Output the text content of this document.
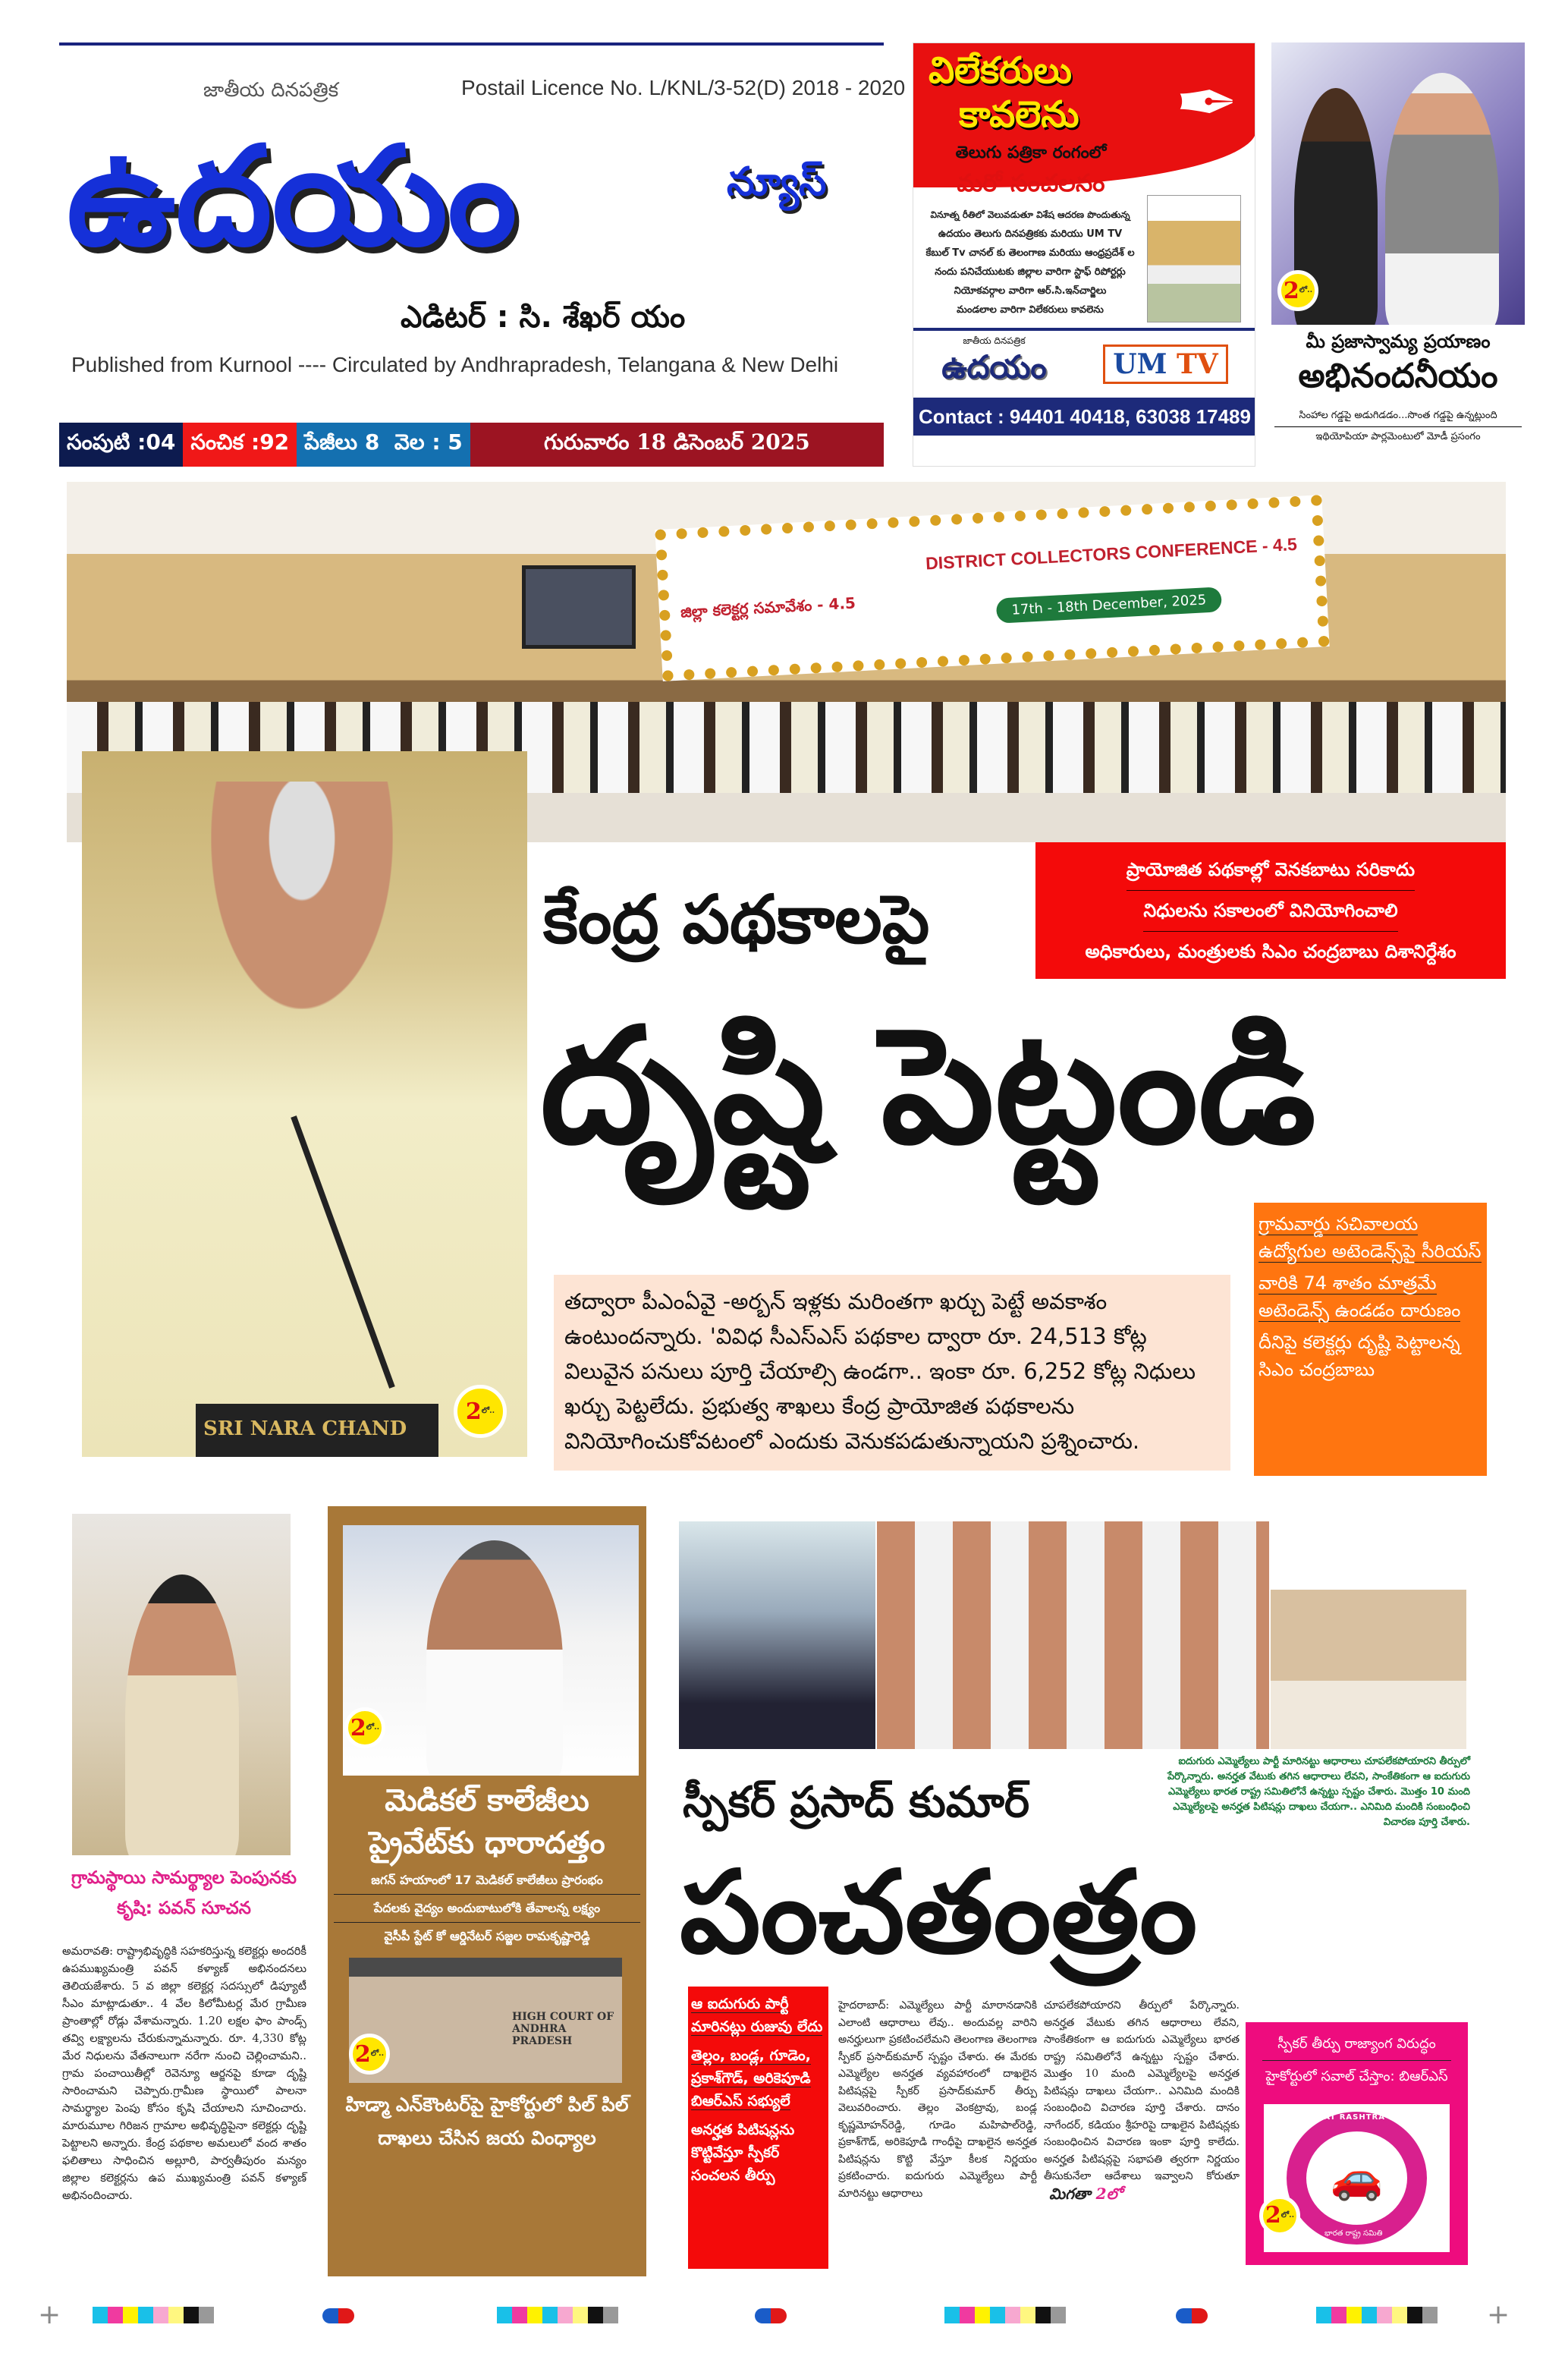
జాతీయ దినపత్రిక	Postail Licence No. L/KNL/3-52(D) 2018 - 2020
ఉదయం	న్యూస్
ఎడిటర్ : సి. శేఖర్ యం
Published from Kurnool ---- Circulated by Andhrapradesh, Telangana & New Delhi
సంపుటి :04 సంచిక :92 పేజీలు 8
వెల : 5	గురువారం 18 డిసెంబర్ 2025
విలేకరులు
కావలెను	✒
తెలుగు పత్రికా రంగంలో
మరో సంచలనం
వినూత్న రీతిలో వెలువడుతూ విశేష ఆదరణ పొందుతున్న
ఉదయం తెలుగు దినపత్రికకు మరియు UM TV
కేబుల్ Tv చానల్ కు తెలంగాణ మరియు ఆంధ్రప్రదేశ్ ల
నందు పనిచేయుటకు జిల్లాల వారిగా స్టాఫ్ రిపోర్టర్లు
నియోకవర్గాల వారిగా ఆర్.సి.ఇన్‌చార్జిలు
మండలాల వారిగా విలేకరులు కావలెను
జాతీయ దినపత్రిక
ఉదయం	UM TV
Contact : 94401 40418, 63038 17489
2 లో..
మీ ప్రజాస్వామ్య ప్రయాణం
అభినందనీయం
సింహాల గడ్డపై అడుగిడడం...సొంత గడ్డపై ఉన్నట్లుంది
ఇథియోపియా పార్లమెంటులో మోడీ ప్రసంగం
జిల్లా కలెక్టర్ల సమావేశం - 4.5
DISTRICT COLLECTORS CONFERENCE - 4.5
17th - 18th December, 2025
SRI NARA CHAND
2 లో..
ప్రాయోజిత పథకాల్లో వెనకబాటు సరికాదు
నిధులను సకాలంలో వినియోగించాలి
అధికారులు, మంత్రులకు సిఎం చంద్రబాబు దిశానిర్దేశం
కేంద్ర పథకాలపై
దృష్టి పెట్టండి
తద్వారా పీఎంఏవై -అర్బన్ ఇళ్లకు మరింతగా ఖర్చు పెట్టే అవకాశం ఉంటుందన్నారు. 'వివిధ సీఎస్ఎస్ పథకాల ద్వారా రూ. 24,513 కోట్ల విలువైన పనులు పూర్తి చేయాల్సి ఉండగా.. ఇంకా రూ. 6,252 కోట్ల నిధులు ఖర్చు పెట్టలేదు. ప్రభుత్వ శాఖలు కేంద్ర ప్రాయోజిత పథకాలను వినియోగించుకోవటంలో ఎందుకు వెనుకపడుతున్నాయని ప్రశ్నించారు.

గ్రామవార్డు సచివాలయ ఉద్యోగుల అటెండెన్స్‌పై సీరియస్

వారికి 74 శాతం మాత్రమే అటెండెన్స్ ఉండడం దారుణం

దీనిపై కలెక్టర్లు దృష్టి పెట్టాలన్న సిఎం చంద్రబాబు

గ్రామస్థాయి సామర్థ్యాల పెంపునకు కృషి: పవన్ సూచన
అమరావతి: రాష్ట్రాభివృద్ధికి సహకరిస్తున్న కలెక్టర్లు అందరికీ ఉపముఖ్యమంత్రి పవన్ కళ్యాణ్ అభినందనలు తెలియజేశారు. 5 వ జిల్లా కలెక్టర్ల సదస్సులో డిప్యూటీ సీఎం మాట్లాడుతూ.. 4 వేల కిలోమీటర్ల మేర గ్రామీణ ప్రాంతాల్లో రోడ్లు వేశామన్నారు. 1.20 లక్షల ఫాం పాండ్స్ తవ్వి లక్ష్యాలను చేరుకున్నామన్నారు. రూ. 4,330 కోట్ల మేర నిధులను వేతనాలుగా నరేగా నుంచి చెల్లించామని.. గ్రామ పంచాయితీల్లో రెవెన్యూ ఆర్జనపై కూడా దృష్టి సారించామని చెప్పారు.గ్రామీణ స్థాయిలో పాలనా సామర్థ్యాల పెంపు కోసం కృషి చేయాలని సూచించారు. మారుమూల గిరిజన గ్రామాల అభివృద్ధిపైనా కలెక్టర్లు దృష్టి పెట్టాలని అన్నారు. కేంద్ర పథకాల అమలులో వంద శాతం ఫలితాలు సాధించిన అల్లూరి, పార్వతీపురం మన్యం జిల్లాల కలెక్టర్లను ఉప ముఖ్యమంత్రి పవన్ కళ్యాణ్ అభినందించారు.
2 లో..
మెడికల్ కాలేజీలు ప్రైవేట్‌కు ధారాదత్తం
జగన్ హయాంలో 17 మెడికల్ కాలేజీలు ప్రారంభం
పేదలకు వైద్యం అందుబాటులోకి తేవాలన్న లక్ష్యం
వైసీపీ స్టేట్ కో ఆర్డినేటర్ సజ్జల రామకృష్ణారెడ్డి
HIGH COURT OF
ANDHRA PRADESH
2 లో..
హిడ్మా ఎన్‌కౌంటర్‌పై హైకోర్టులో పిల్ పిల్ దాఖలు చేసిన జయ వింధ్యాల
ఐదుగురు ఎమ్మెల్యేలు పార్టీ మారినట్టు ఆధారాలు చూపలేకపోయారని తీర్పులో పేర్కొన్నారు. అనర్హత వేటుకు తగిన ఆధారాలు లేవని, సాంకేతికంగా ఆ ఐదుగురు ఎమ్మెల్యేలు భారత రాష్ట్ర సమితిలోనే ఉన్నట్టు స్పష్టం చేశారు. మొత్తం 10 మంది ఎమ్మెల్యేలపై అనర్హత పిటిషన్లు దాఖలు చేయగా.. ఎనిమిది మందికి సంబంధించి విచారణ పూర్తి చేశారు.
స్పీకర్ ప్రసాద్ కుమార్
పంచతంత్రం

ఆ ఐదుగురు పార్టీ మారినట్లు రుజువు లేదు

తెల్లం, బండ్ల, గూడెం, ప్రకాశ్‌గౌడ్, అరికెపూడి బిఆర్ఎస్ సభ్యులే

అనర్హత పిటిషన్లను కొట్టివేస్తూ స్పీకర్ సంచలన తీర్పు

హైదరాబాద్: ఎమ్మెల్యేలు పార్టీ మారానడానికి ఎలాంటి ఆధారాలు లేవు.. అందువల్ల వారిని అనర్హులుగా ప్రకటించలేమని తెలంగాణ తెలంగాణ స్పీకర్ ప్రసాద్‌కుమార్ స్పష్టం చేశారు. ఈ మేరకు ఎమ్మెల్యేల అనర్హత వ్యవహారంలో దాఖలైన పిటిషన్లపై స్పీకర్ ప్రసాద్‌కుమార్ తీర్పు వెలువరించారు. తెల్లం వెంకట్రావు, బండ్ల కృష్ణమోహన్‌రెడ్డి, గూడెం మహిపాల్‌రెడ్డి, ప్రకాశ్‌గౌడ్, అరికెపూడి గాంధీపై దాఖలైన అనర్హత పిటిషన్లను కొట్టి వేస్తూ కీలక నిర్ణయం ప్రకటించారు. ఐదుగురు ఎమ్మెల్యేలు పార్టీ మారినట్టు ఆధారాలు
చూపలేకపోయారని తీర్పులో పేర్కొన్నారు. అనర్హత వేటుకు తగిన ఆధారాలు లేవని, సాంకేతికంగా ఆ ఐదుగురు ఎమ్మెల్యేలు భారత రాష్ట్ర సమితిలోనే ఉన్నట్టు స్పష్టం చేశారు. మొత్తం 10 మంది ఎమ్మెల్యేలపై అనర్హత పిటిషన్లు దాఖలు చేయగా.. ఎనిమిది మందికి సంబంధించి విచారణ పూర్తి చేశారు. దానం నాగేందర్, కడియం శ్రీహరిపై దాఖలైన పిటిషన్లకు సంబంధించిన విచారణ ఇంకా పూర్తి కాలేదు. అనర్హత పిటిషన్లపై సభాపతి త్వరగా నిర్ణయం తీసుకునేలా ఆదేశాలు ఇవ్వాలని కోరుతూ  మిగతా 2లో
స్పీకర్ తీర్పు రాజ్యాంగ విరుద్ధం
హైకోర్టులో సవాల్ చేస్తాం: బిఆర్ఎస్
🚗
BHARAT RASHTRA SAMITHI
భారత రాష్ట్ర సమితి
2 లో..
+	+
